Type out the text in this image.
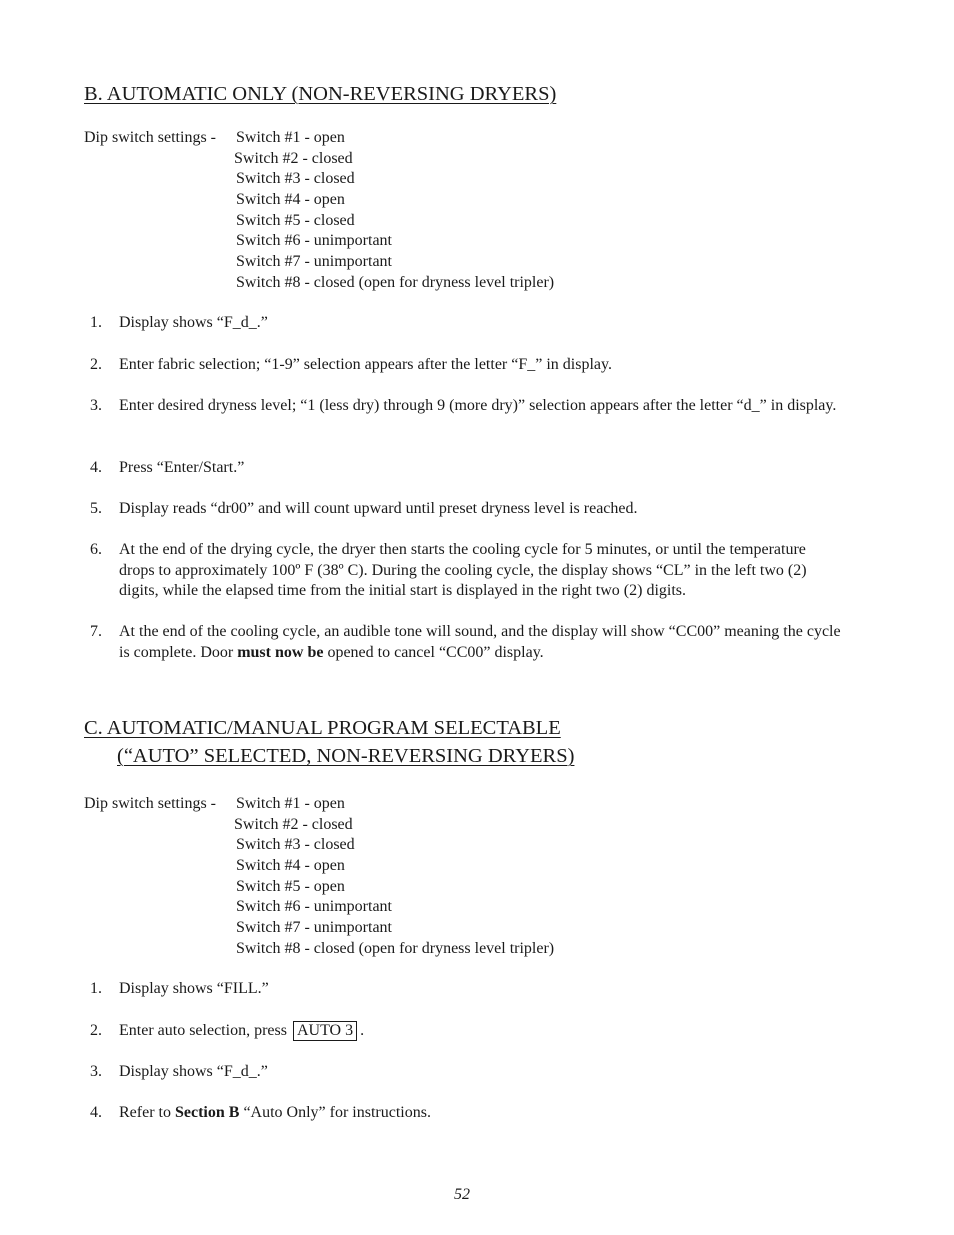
B. AUTOMATIC ONLY (NON-REVERSING DRYERS)
Dip switch settings - Switch #1 - open
Switch #2 - closed
Switch #3 - closed
Switch #4 - open
Switch #5 - closed
Switch #6 - unimportant
Switch #7 - unimportant
Switch #8 - closed (open for dryness level tripler)
1. Display shows “F_d_.”
2. Enter fabric selection; “1-9” selection appears after the letter “F_” in display.
3. Enter desired dryness level; “1 (less dry) through 9 (more dry)” selection appears after the letter “d_” in display.
4. Press “Enter/Start.”
5. Display reads “dr00” and will count upward until preset dryness level is reached.
6. At the end of the drying cycle, the dryer then starts the cooling cycle for 5 minutes, or until the temperature drops to approximately 100º F (38º C). During the cooling cycle, the display shows “CL” in the left two (2) digits, while the elapsed time from the initial start is displayed in the right two (2) digits.
7. At the end of the cooling cycle, an audible tone will sound, and the display will show “CC00” meaning the cycle is complete. Door must now be opened to cancel “CC00” display.
C. AUTOMATIC/MANUAL PROGRAM SELECTABLE
(“AUTO” SELECTED, NON-REVERSING DRYERS)
Dip switch settings - Switch #1 - open
Switch #2 - closed
Switch #3 - closed
Switch #4 - open
Switch #5 - open
Switch #6 - unimportant
Switch #7 - unimportant
Switch #8 - closed (open for dryness level tripler)
1. Display shows “FILL.”
2. Enter auto selection, press AUTO 3 .
3. Display shows “F_d_.”
4. Refer to Section B “Auto Only” for instructions.
52
